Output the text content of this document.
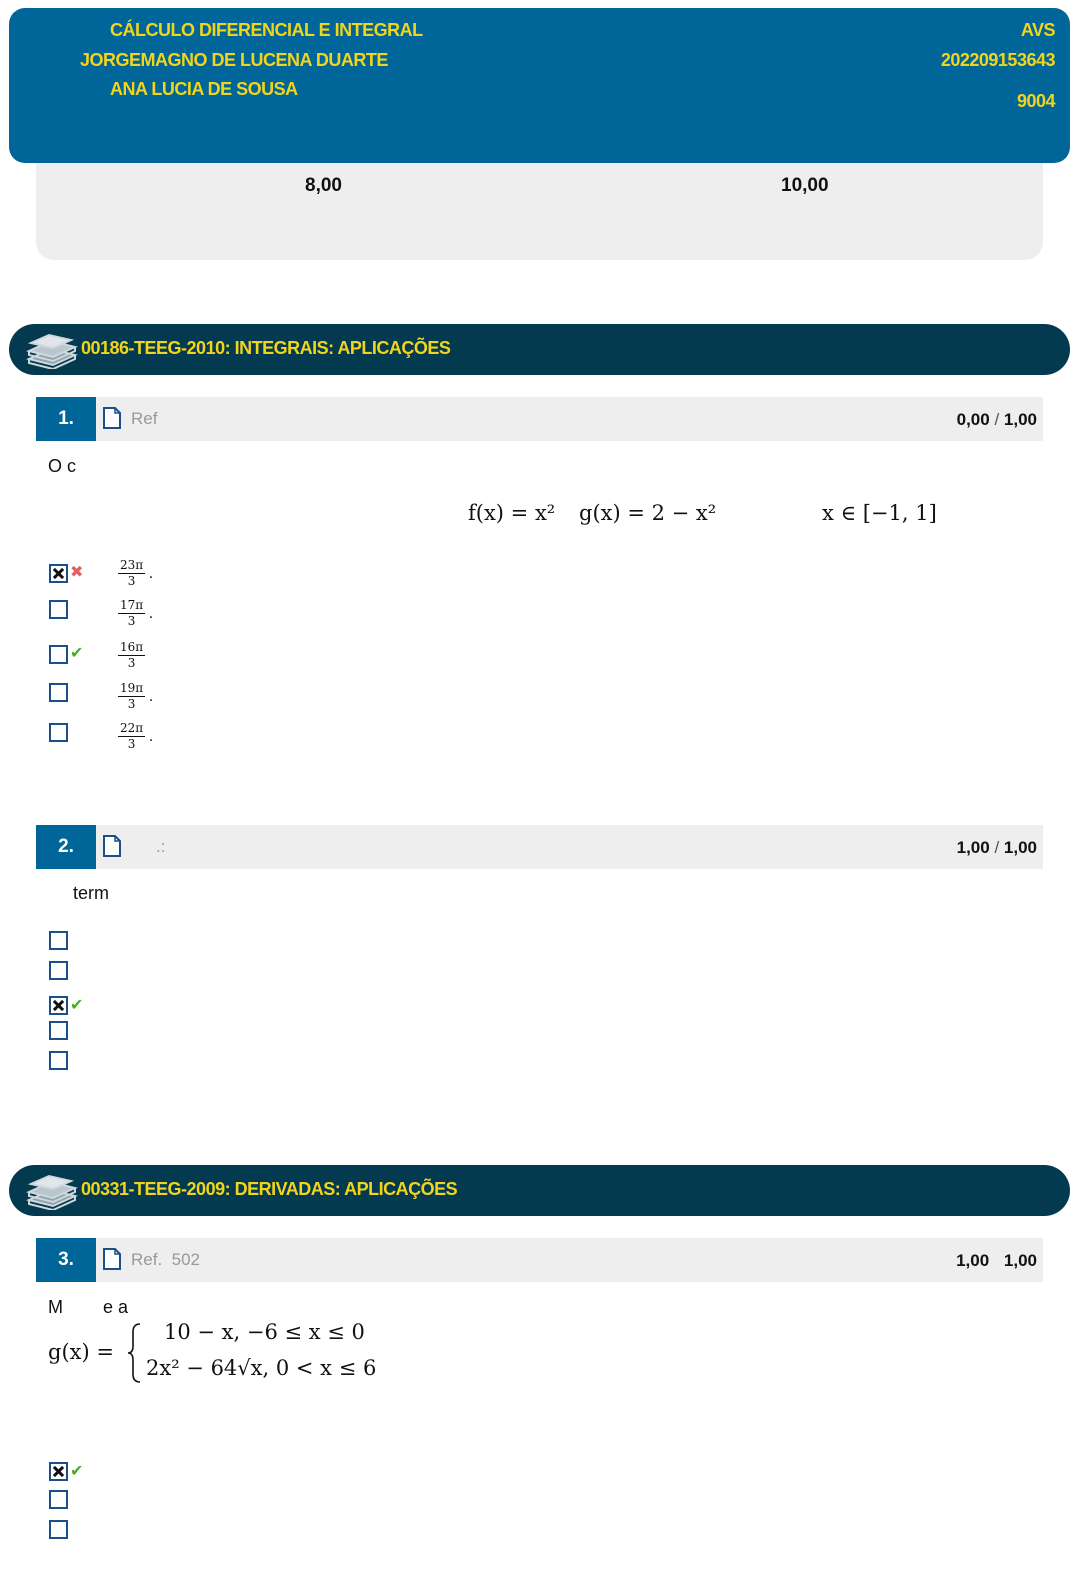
CÁLCULO DIFERENCIAL E INTEGRAL
JORGEMAGNO DE LUCENA DUARTE
ANA LUCIA DE SOUSA
AVS
202209153643
9004
8,00	10,00
00186-TEEG-2010: INTEGRAIS: APLICAÇÕES
1.	Ref	0,00 / 1,00
O c
f(x) = x² g(x) = 2 − x²	x ∈ [−1, 1]
✖	23π
3 .
17π
3 .
✔	$\frac{16\pi}{3}$
19π
3 .
22π
3 .
2.	.:	1,00 / 1,00
term
✔
00331-TEEG-2009: DERIVADAS: APLICAÇÕES
3.	Ref.  502	1,00 1,00
M        e a
g(x) =
10 − x, −6 ≤ x ≤ 0
2x² − 64√x, 0 < x ≤ 6
✔
